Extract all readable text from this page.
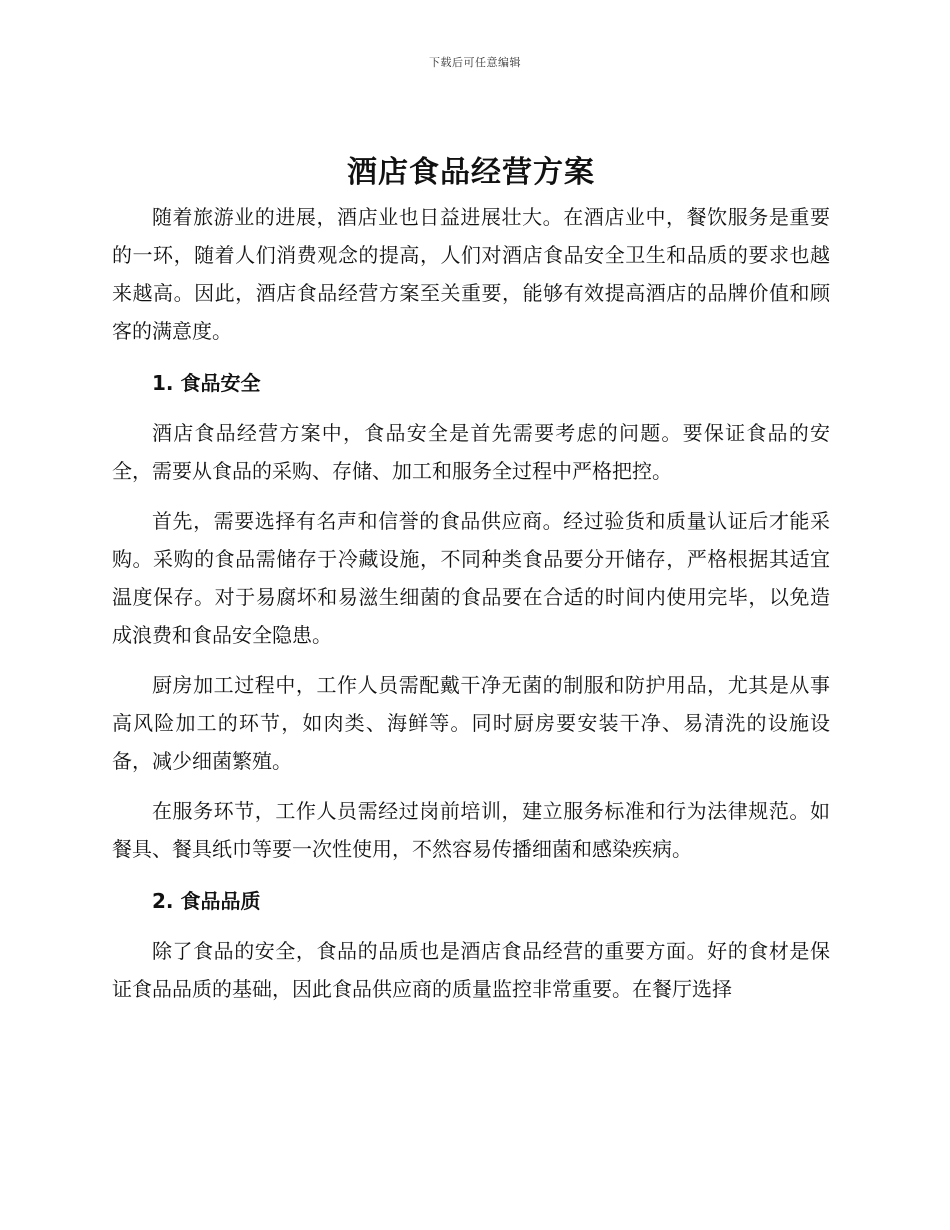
下载后可任意编辑
酒店食品经营方案

随着旅游业的进展，酒店业也日益进展壮大。在酒店业中，餐饮服务是重要的一环，随着人们消费观念的提高，人们对酒店食品安全卫生和品质的要求也越来越高。因此，酒店食品经营方案至关重要，能够有效提高酒店的品牌价值和顾客的满意度。

1. 食品安全

酒店食品经营方案中，食品安全是首先需要考虑的问题。要保证食品的安全，需要从食品的采购、存储、加工和服务全过程中严格把控。

首先，需要选择有名声和信誉的食品供应商。经过验货和质量认证后才能采购。采购的食品需储存于冷藏设施，不同种类食品要分开储存，严格根据其适宜温度保存。对于易腐坏和易滋生细菌的食品要在合适的时间内使用完毕，以免造成浪费和食品安全隐患。

厨房加工过程中，工作人员需配戴干净无菌的制服和防护用品，尤其是从事高风险加工的环节，如肉类、海鲜等。同时厨房要安装干净、易清洗的设施设备，减少细菌繁殖。

在服务环节，工作人员需经过岗前培训，建立服务标准和行为法律规范。如餐具、餐具纸巾等要一次性使用，不然容易传播细菌和感染疾病。

2. 食品品质

除了食品的安全，食品的品质也是酒店食品经营的重要方面。好的食材是保证食品品质的基础，因此食品供应商的质量监控非常重要。在餐厅选择
